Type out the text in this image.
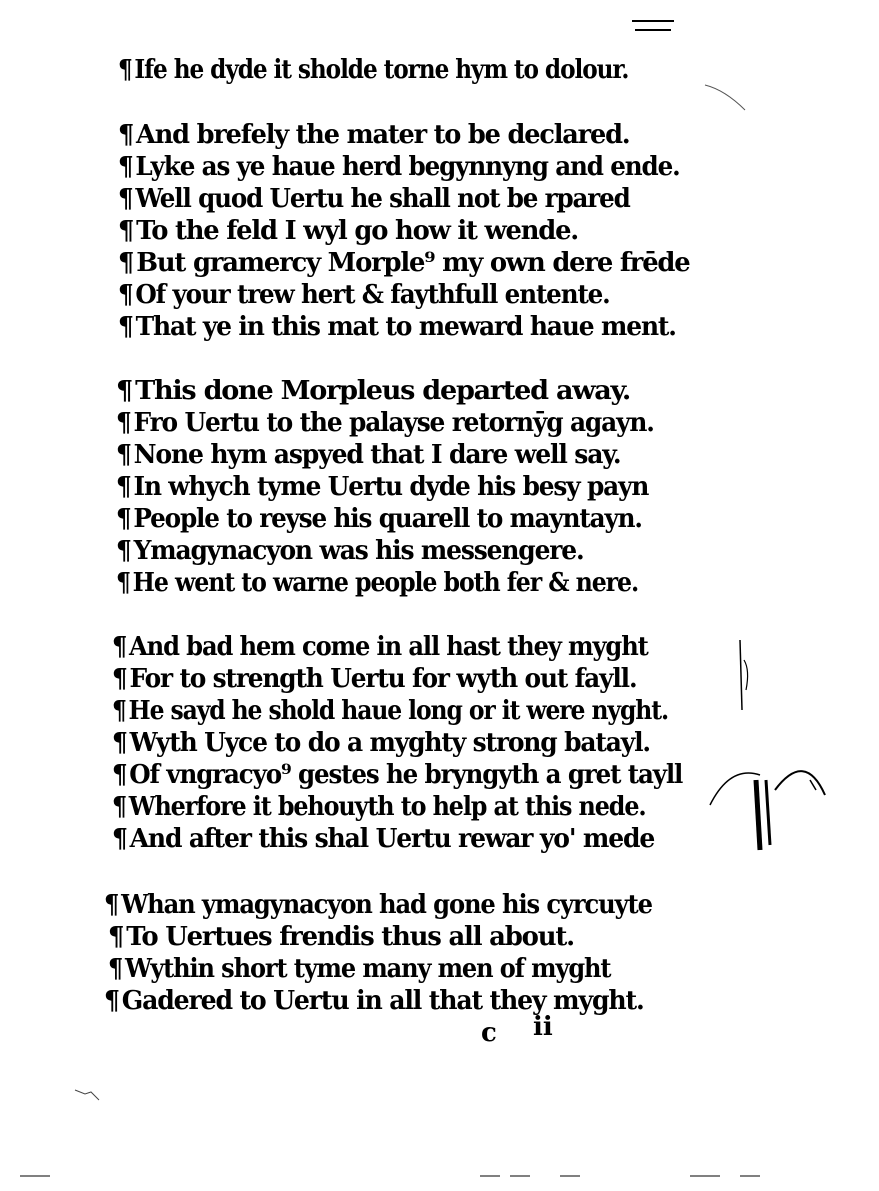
¶ Ife he dyde it sholde torne hym to dolour.
¶ And brefely the mater to be declared.
¶ Lyke as ye haue herd begynnyng and ende.
¶ Well quod Uertu he shall not be rpared
¶ To the feld I wyl go how it wende.
¶ But gramercy Morple⁹ my own dere frēde
¶ Of your trew hert & faythfull entente.
¶ That ye in this mat to meward haue ment.
¶ This done Morpleus departed away.
¶ Fro Uertu to the palayse retornȳg agayn.
¶ None hym aspyed that I dare well say.
¶ In whych tyme Uertu dyde his besy payn
¶ People to reyse his quarell to mayntayn.
¶ Ymagynacyon was his messengere.
¶ He went to warne people both fer & nere.
¶ And bad hem come in all hast they myght
¶ For to strength Uertu for wyth out fayll.
¶ He sayd he shold haue long or it were nyght.
¶ Wyth Uyce to do a myghty strong batayl.
¶ Of vngracyo⁹ gestes he bryngyth a gret tayll
¶ Wherfore it behouyth to help at this nede.
¶ And after this shal Uertu rewar yo' mede
¶ Whan ymagynacyon had gone his cyrcuyte
¶ To Uertues frendis thus all about.
¶ Wythin short tyme many men of myght
¶ Gadered to Uertu in all that they myght.
c ii
